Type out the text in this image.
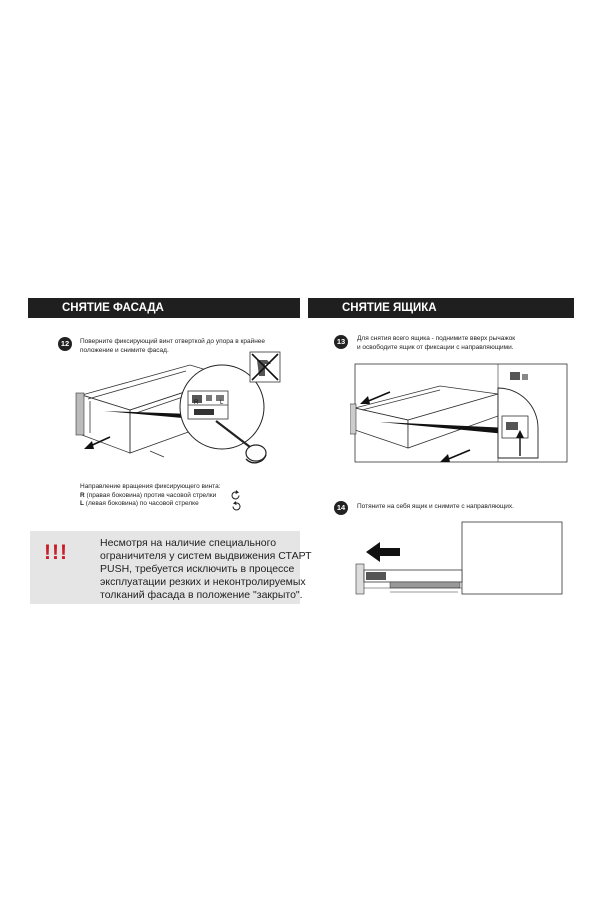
СНЯТИЕ ФАСАДА	СНЯТИЕ ЯЩИКА
12	Поверните фиксирующий винт отверткой до упора в крайнее
положение и снимите фасад.
R	L
Направление вращения фиксирующего винта:
R (правая боковина) против часовой стрелки
L (левая боковина) по часовой стрелке
!!!	Несмотря на наличие специального
ограничителя у систем выдвижения СТАРТ
PUSH, требуется исключить в процессе
эксплуатации резких и неконтролируемых
толканий фасада в положение "закрыто".
13	Для снятия всего ящика - поднимите вверх рычажок
и освободите ящик от фиксации с направляющими.
14	Потяните на себя ящик и снимите с направляющих.
